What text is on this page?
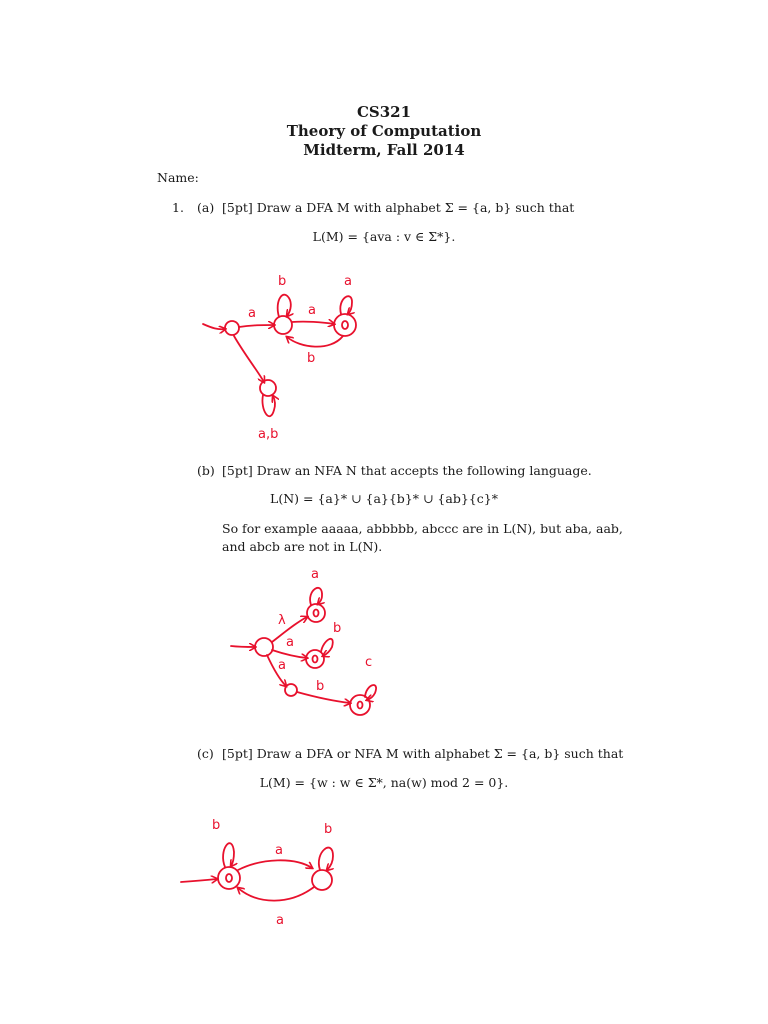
CS321
Theory of Computation
Midterm, Fall 2014
Name:
1. (a) [5pt] Draw a DFA M with alphabet Σ = {a, b} such that
L(M) = {ava : v ∈ Σ*}.
(b) [5pt] Draw an NFA N that accepts the following language.
L(N) = {a}* ∪ {a}{b}* ∪ {ab}{c}*
So for example aaaaa, abbbbb, abccc are in L(N), but aba, aab,
and abcb are not in L(N).
(c) [5pt] Draw a DFA or NFA M with alphabet Σ = {a, b} such that
L(M) = {w : w ∈ Σ*, na(w) mod 2 = 0}.
b	a
a	a
b
a,b
a
b
c
λ
a
a
b
b	b
a
a
